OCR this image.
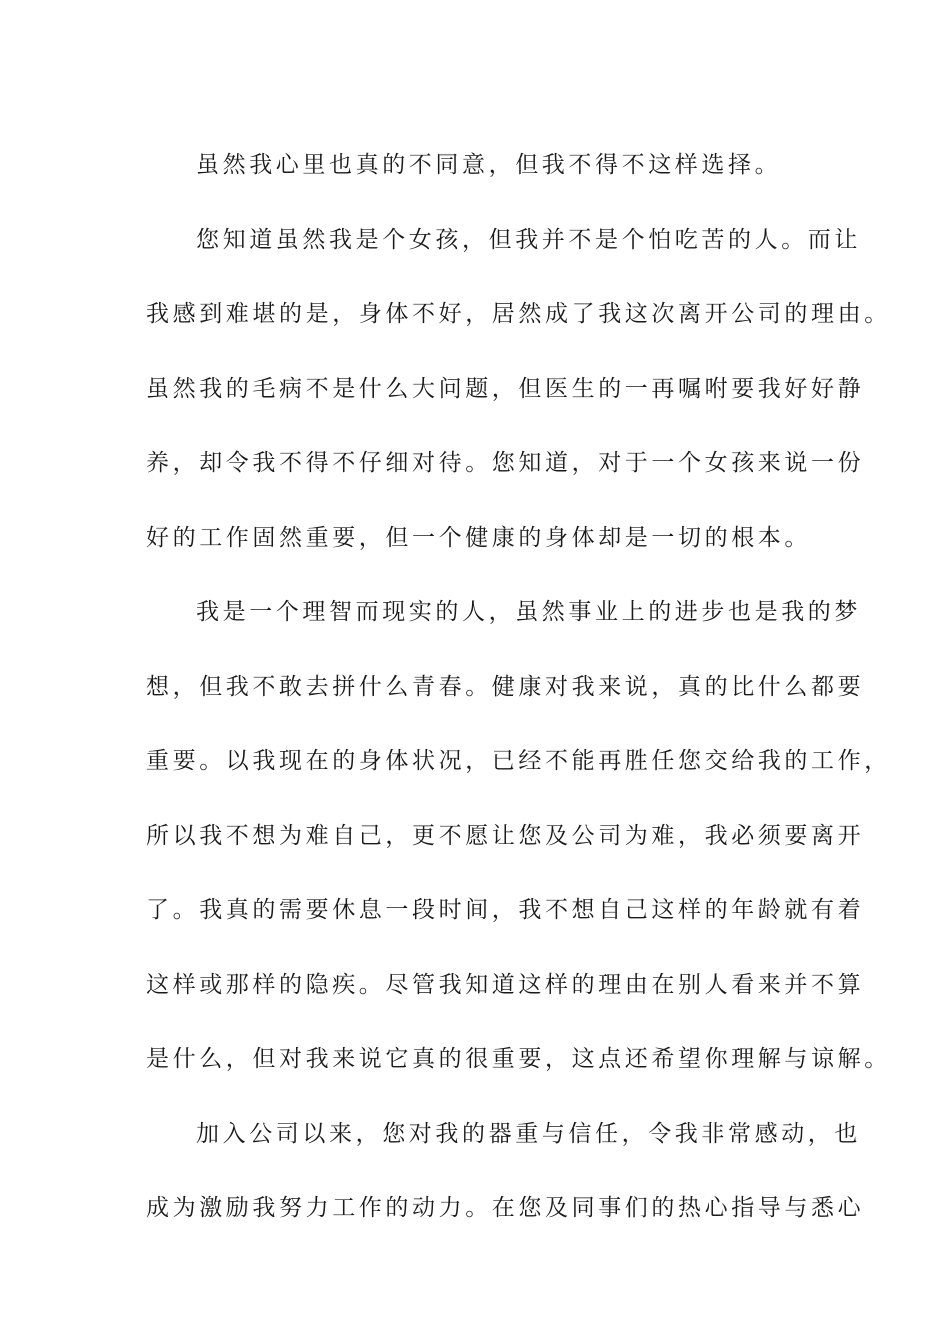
虽然我心里也真的不同意，但我不得不这样选择。
您知道虽然我是个女孩，但我并不是个怕吃苦的人。而让
我感到难堪的是，身体不好，居然成了我这次离开公司的理由。
虽然我的毛病不是什么大问题，但医生的一再嘱咐要我好好静
养，却令我不得不仔细对待。您知道，对于一个女孩来说一份
好的工作固然重要，但一个健康的身体却是一切的根本。
我是一个理智而现实的人，虽然事业上的进步也是我的梦
想，但我不敢去拼什么青春。健康对我来说，真的比什么都要
重要。以我现在的身体状况，已经不能再胜任您交给我的工作，
所以我不想为难自己，更不愿让您及公司为难，我必须要离开
了。我真的需要休息一段时间，我不想自己这样的年龄就有着
这样或那样的隐疾。尽管我知道这样的理由在别人看来并不算
是什么，但对我来说它真的很重要，这点还希望你理解与谅解。
加入公司以来，您对我的器重与信任，令我非常感动，也
成为激励我努力工作的动力。在您及同事们的热心指导与悉心
